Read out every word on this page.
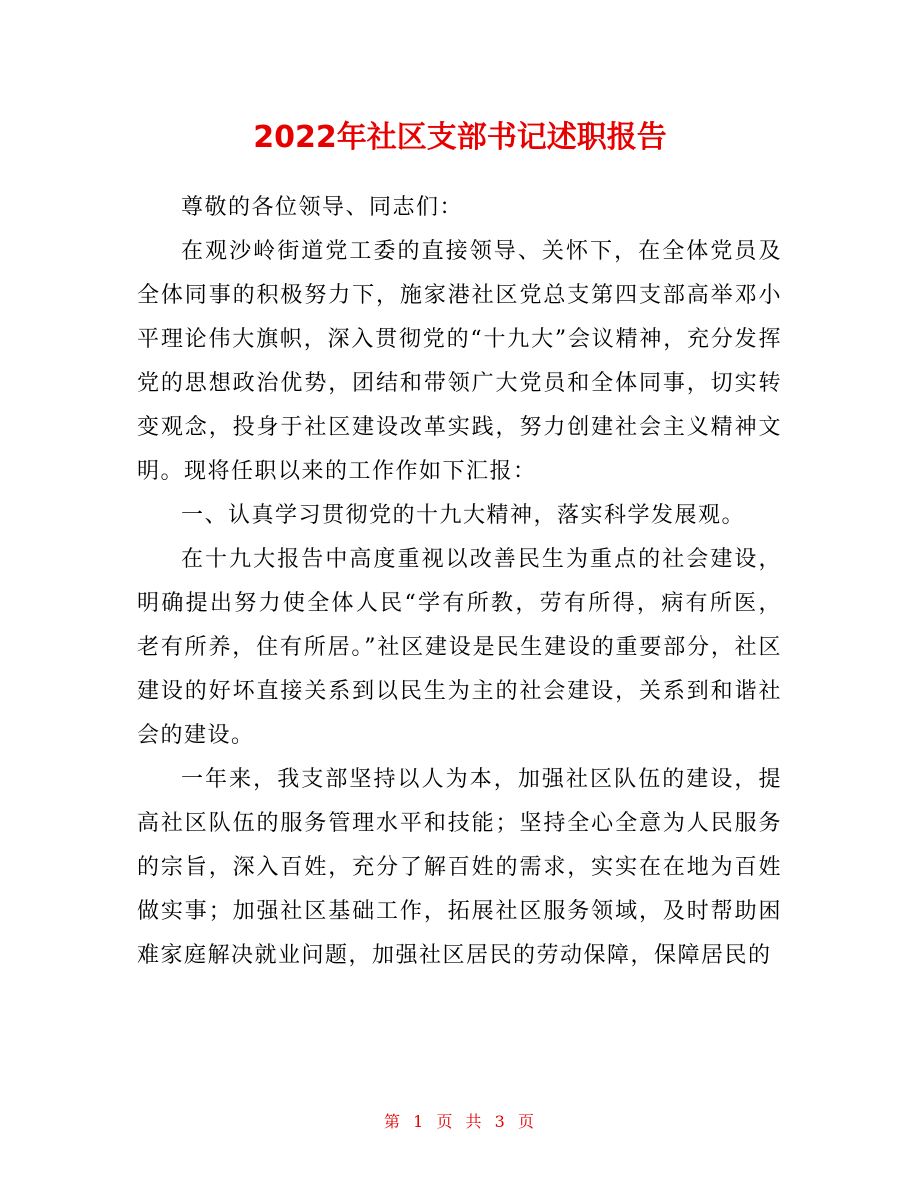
2022年社区支部书记述职报告

尊敬的各位领导、同志们：

在观沙岭街道党工委的直接领导、关怀下，在全体党员及全体同事的积极努力下，施家港社区党总支第四支部高举邓小平理论伟大旗帜，深入贯彻党的“十九大”会议精神，充分发挥党的思想政治优势，团结和带领广大党员和全体同事，切实转变观念，投身于社区建设改革实践，努力创建社会主义精神文明。现将任职以来的工作作如下汇报：

一、认真学习贯彻党的十九大精神，落实科学发展观。

在十九大报告中高度重视以改善民生为重点的社会建设，明确提出努力使全体人民“学有所教，劳有所得，病有所医，老有所养，住有所居。”社区建设是民生建设的重要部分，社区建设的好坏直接关系到以民生为主的社会建设，关系到和谐社会的建设。

一年来，我支部坚持以人为本，加强社区队伍的建设，提高社区队伍的服务管理水平和技能；坚持全心全意为人民服务的宗旨，深入百姓，充分了解百姓的需求，实实在在地为百姓做实事；加强社区基础工作，拓展社区服务领域，及时帮助困难家庭解决就业问题，加强社区居民的劳动保障，保障居民的

第 1 页 共 3 页
